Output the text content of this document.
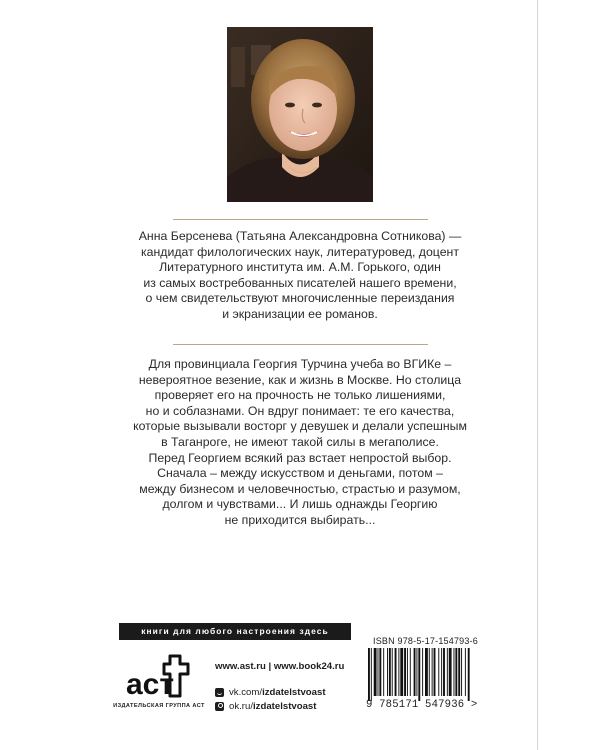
Анна Берсенева (Татьяна Александровна Сотникова) —
кандидат филологических наук, литературовед, доцент
Литературного института им. А.М. Горького, один
из самых востребованных писателей нашего времени,
о чем свидетельствуют многочисленные переиздания
и экранизации ее романов.

Для провинциала Георгия Турчина учеба во ВГИКе –
невероятное везение, как и жизнь в Москве. Но столица
проверяет его на прочность не только лишениями,
но и соблазнами. Он вдруг понимает: те его качества,
которые вызывали восторг у девушек и делали успешным
в Таганроге, не имеют такой силы в мегаполисе.
Перед Георгием всякий раз встает непростой выбор.
Сначала – между искусством и деньгами, потом –
между бизнесом и человечностью, страстью и разумом,
долгом и чувствами... И лишь однажды Георгию
не приходится выбирать...

книги для любого настроения здесь
аст
ИЗДАТЕЛЬСКАЯ ГРУППА АСТ
www.ast.ru | www.book24.ru
vk.com/izdatelstvoast
ok.ru/izdatelstvoast
ISBN 978-5-17-154793-6
9 785171 547936 >
